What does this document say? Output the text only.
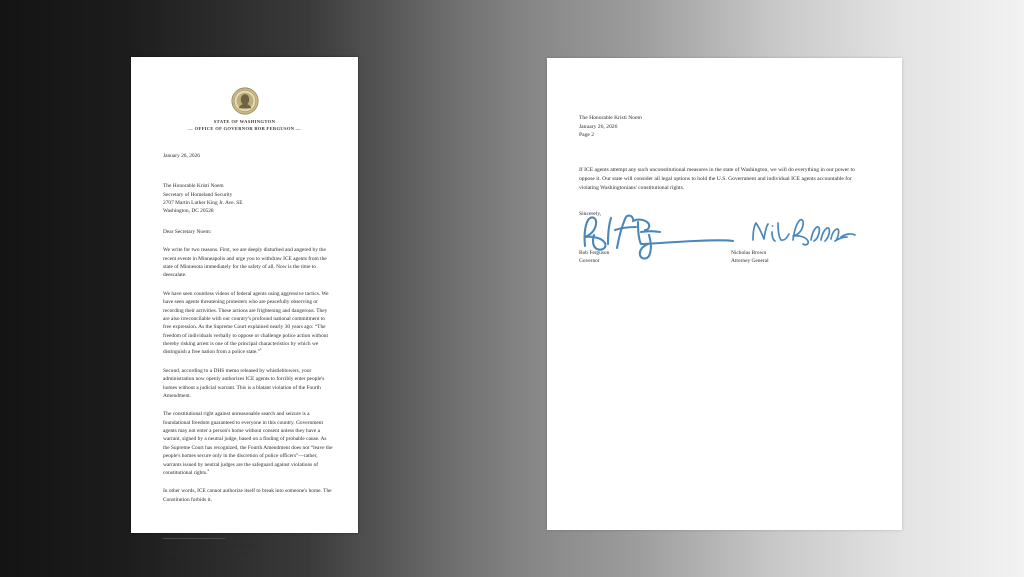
STATE OF WASHINGTON
— OFFICE OF GOVERNOR BOB FERGUSON —
January 26, 2026
The Honorable Kristi Noem
Secretary of Homeland Security
2707 Martin Luther King Jr. Ave. SE
Washington, DC 20528
Dear Secretary Noem:

We write for two reasons. First, we are deeply disturbed and angered by the recent events in Minneapolis and urge you to withdraw ICE agents from the state of Minnesota immediately for the safety of all. Now is the time to deescalate.

We have seen countless videos of federal agents using aggressive tactics. We have seen agents threatening protesters who are peacefully observing or recording their activities. These actions are frightening and dangerous. They are also irreconcilable with our country's profound national commitment to free expression. As the Supreme Court explained nearly 30 years ago: “The freedom of individuals verbally to oppose or challenge police action without thereby risking arrest is one of the principal characteristics by which we distinguish a free nation from a police state.”$^1$

Second, according to a DHS memo released by whistleblowers, your administration now openly authorizes ICE agents to forcibly enter people's homes without a judicial warrant. This is a blatant violation of the Fourth Amendment.

The constitutional right against unreasonable search and seizure is a foundational freedom guaranteed to everyone in this country. Government agents may not enter a person's home without consent unless they have a warrant, signed by a neutral judge, based on a finding of probable cause. As the Supreme Court has recognized, the Fourth Amendment does not “leave the people's homes secure only in the discretion of police officers”—rather, warrants issued by neutral judges are the safeguard against violations of constitutional rights.$^2$

In other words, ICE cannot authorize itself to break into someone's home. The Constitution forbids it.

$^1$City of Houston v. Hill, 482 U.S. 451, 462-63 (1987).
$^2$Johnson v. United States, 333 U.S. 10, 14 (1948).
The Honorable Kristi Noem
January 26, 2026
Page 2

If ICE agents attempt any such unconstitutional measures in the state of Washington, we will do everything in our power to oppose it. Our state will consider all legal options to hold the U.S. Government and individual ICE agents accountable for violating Washingtonians' constitutional rights.

Sincerely,
Bob Ferguson
Governor
Nicholas Brown
Attorney General
